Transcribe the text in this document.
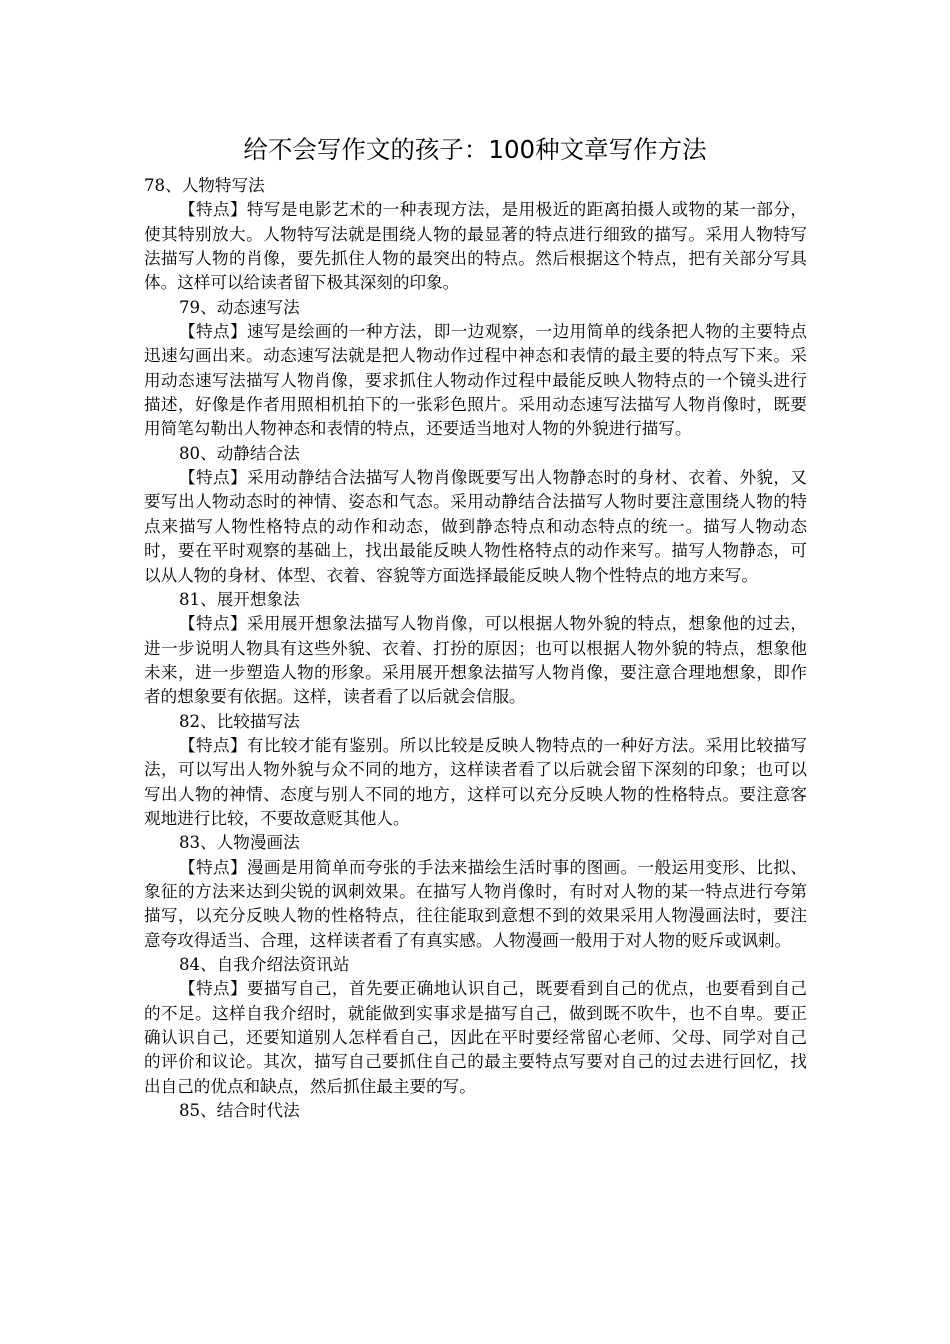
给不会写作文的孩子：100种文章写作方法

78、人物特写法

【特点】特写是电影艺术的一种表现方法，是用极近的距离拍摄人或物的某一部分，使其特别放大。人物特写法就是围绕人物的最显著的特点进行细致的描写。采用人物特写法描写人物的肖像，要先抓住人物的最突出的特点。然后根据这个特点，把有关部分写具体。这样可以给读者留下极其深刻的印象。

79、动态速写法

【特点】速写是绘画的一种方法，即一边观察，一边用简单的线条把人物的主要特点迅速勾画出来。动态速写法就是把人物动作过程中神态和表情的最主要的特点写下来。采用动态速写法描写人物肖像，要求抓住人物动作过程中最能反映人物特点的一个镜头进行描述，好像是作者用照相机拍下的一张彩色照片。采用动态速写法描写人物肖像时，既要用简笔勾勒出人物神态和表情的特点，还要适当地对人物的外貌进行描写。

80、动静结合法

【特点】采用动静结合法描写人物肖像既要写出人物静态时的身材、衣着、外貌，又要写出人物动态时的神情、姿态和气态。采用动静结合法描写人物时要注意围绕人物的特点来描写人物性格特点的动作和动态，做到静态特点和动态特点的统一。描写人物动态时，要在平时观察的基础上，找出最能反映人物性格特点的动作来写。描写人物静态，可以从人物的身材、体型、衣着、容貌等方面选择最能反映人物个性特点的地方来写。

81、展开想象法

【特点】采用展开想象法描写人物肖像，可以根据人物外貌的特点，想象他的过去，进一步说明人物具有这些外貌、衣着、打扮的原因；也可以根据人物外貌的特点，想象他未来，进一步塑造人物的形象。采用展开想象法描写人物肖像，要注意合理地想象，即作者的想象要有依据。这样，读者看了以后就会信服。

82、比较描写法

【特点】有比较才能有鉴别。所以比较是反映人物特点的一种好方法。采用比较描写法，可以写出人物外貌与众不同的地方，这样读者看了以后就会留下深刻的印象；也可以写出人物的神情、态度与别人不同的地方，这样可以充分反映人物的性格特点。要注意客观地进行比较，不要故意贬其他人。

83、人物漫画法

【特点】漫画是用简单而夸张的手法来描绘生活时事的图画。一般运用变形、比拟、象征的方法来达到尖锐的讽刺效果。在描写人物肖像时，有时对人物的某一特点进行夸第描写，以充分反映人物的性格特点，往往能取到意想不到的效果采用人物漫画法时，要注意夸攻得适当、合理，这样读者看了有真实感。人物漫画一般用于对人物的贬斥或讽刺。

84、自我介绍法资讯站

【特点】要描写自己，首先要正确地认识自己，既要看到自己的优点，也要看到自己的不足。这样自我介绍时，就能做到实事求是描写自己，做到既不吹牛，也不自卑。要正确认识自己，还要知道别人怎样看自己，因此在平时要经常留心老师、父母、同学对自己的评价和议论。其次，描写自己要抓住自己的最主要特点写要对自己的过去进行回忆，找出自己的优点和缺点，然后抓住最主要的写。

85、结合时代法
